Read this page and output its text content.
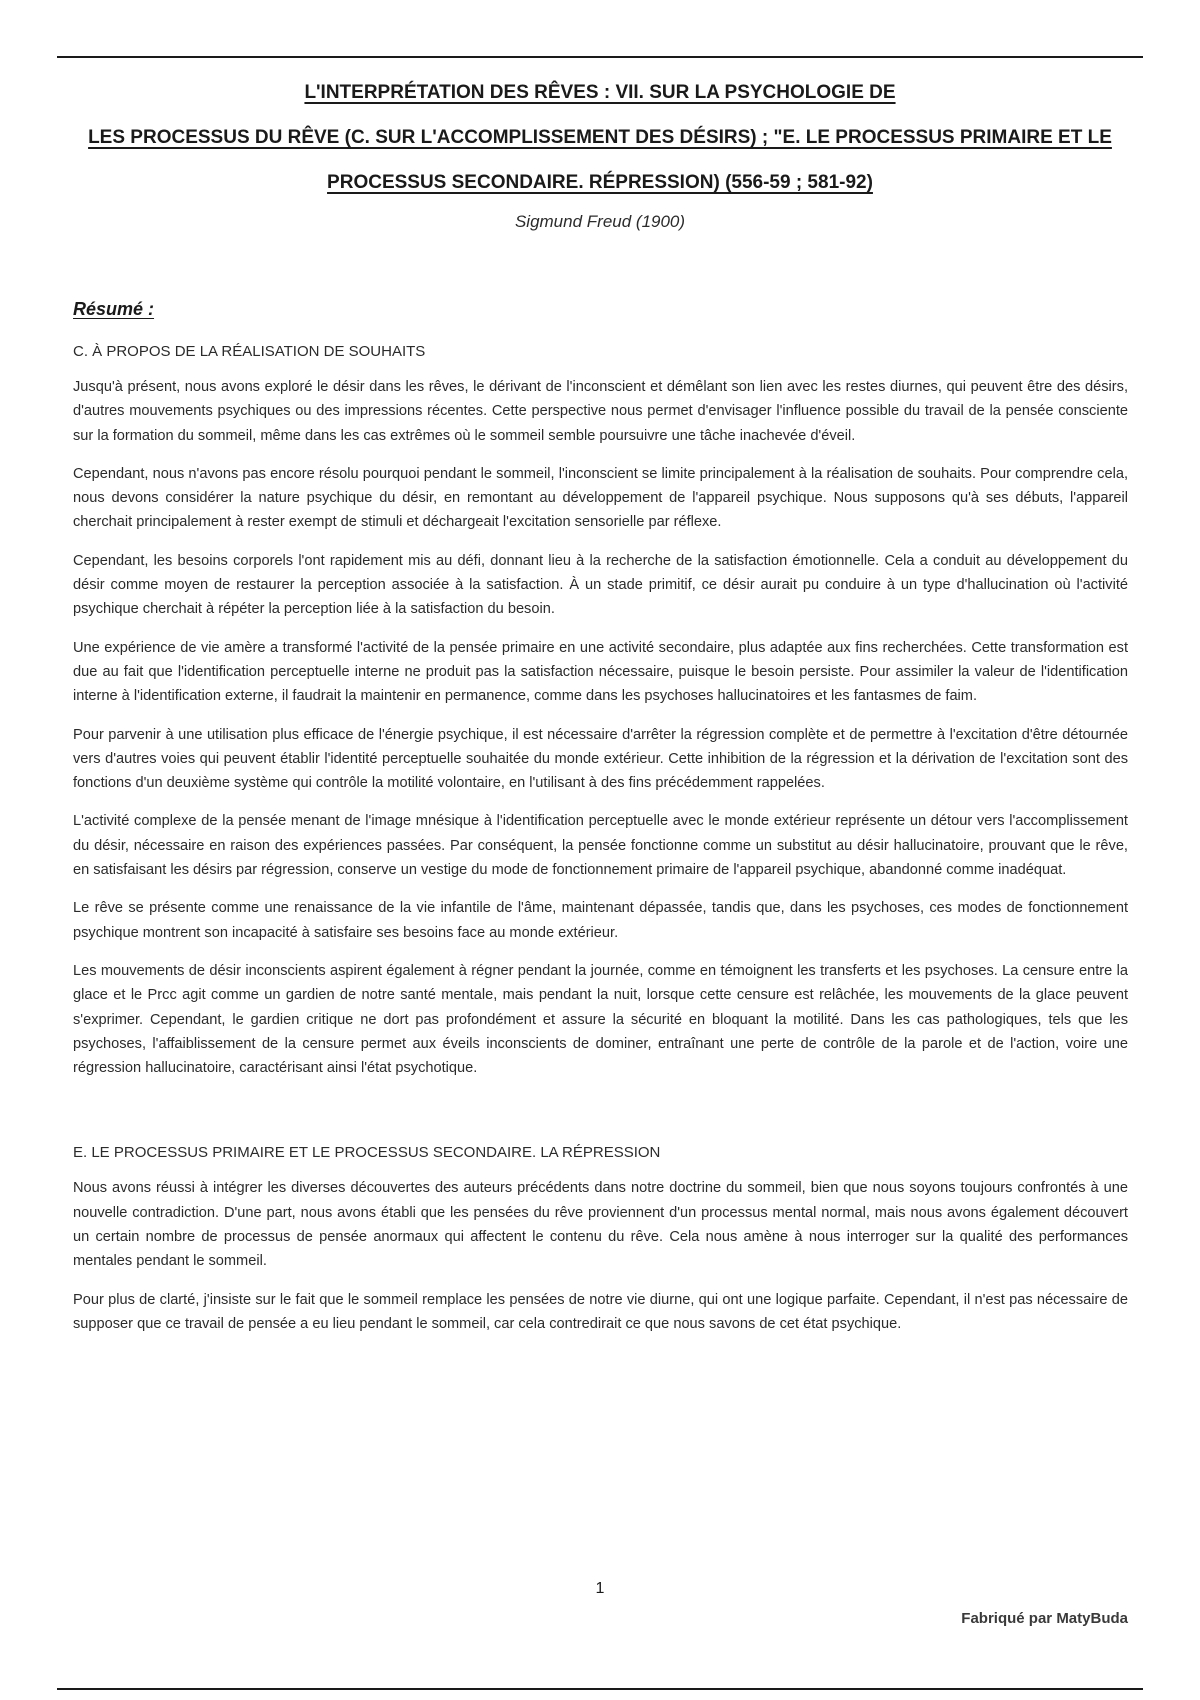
L'INTERPRÉTATION DES RÊVES : VII. SUR LA PSYCHOLOGIE DE
LES PROCESSUS DU RÊVE (C. SUR L'ACCOMPLISSEMENT DES DÉSIRS) ; "E. LE PROCESSUS PRIMAIRE ET LE
PROCESSUS SECONDAIRE. RÉPRESSION) (556-59 ; 581-92)
Sigmund Freud (1900)
Résumé :
C. À PROPOS DE LA RÉALISATION DE SOUHAITS

Jusqu'à présent, nous avons exploré le désir dans les rêves, le dérivant de l'inconscient et démêlant son lien avec les restes diurnes, qui peuvent être des désirs, d'autres mouvements psychiques ou des impressions récentes. Cette perspective nous permet d'envisager l'influence possible du travail de la pensée consciente sur la formation du sommeil, même dans les cas extrêmes où le sommeil semble poursuivre une tâche inachevée d'éveil.

Cependant, nous n'avons pas encore résolu pourquoi pendant le sommeil, l'inconscient se limite principalement à la réalisation de souhaits. Pour comprendre cela, nous devons considérer la nature psychique du désir, en remontant au développement de l'appareil psychique. Nous supposons qu'à ses débuts, l'appareil cherchait principalement à rester exempt de stimuli et déchargeait l'excitation sensorielle par réflexe.

Cependant, les besoins corporels l'ont rapidement mis au défi, donnant lieu à la recherche de la satisfaction émotionnelle. Cela a conduit au développement du désir comme moyen de restaurer la perception associée à la satisfaction. À un stade primitif, ce désir aurait pu conduire à un type d'hallucination où l'activité psychique cherchait à répéter la perception liée à la satisfaction du besoin.

Une expérience de vie amère a transformé l'activité de la pensée primaire en une activité secondaire, plus adaptée aux fins recherchées. Cette transformation est due au fait que l'identification perceptuelle interne ne produit pas la satisfaction nécessaire, puisque le besoin persiste. Pour assimiler la valeur de l'identification interne à l'identification externe, il faudrait la maintenir en permanence, comme dans les psychoses hallucinatoires et les fantasmes de faim.

Pour parvenir à une utilisation plus efficace de l'énergie psychique, il est nécessaire d'arrêter la régression complète et de permettre à l'excitation d'être détournée vers d'autres voies qui peuvent établir l'identité perceptuelle souhaitée du monde extérieur. Cette inhibition de la régression et la dérivation de l'excitation sont des fonctions d'un deuxième système qui contrôle la motilité volontaire, en l'utilisant à des fins précédemment rappelées.

L'activité complexe de la pensée menant de l'image mnésique à l'identification perceptuelle avec le monde extérieur représente un détour vers l'accomplissement du désir, nécessaire en raison des expériences passées. Par conséquent, la pensée fonctionne comme un substitut au désir hallucinatoire, prouvant que le rêve, en satisfaisant les désirs par régression, conserve un vestige du mode de fonctionnement primaire de l'appareil psychique, abandonné comme inadéquat.

Le rêve se présente comme une renaissance de la vie infantile de l'âme, maintenant dépassée, tandis que, dans les psychoses, ces modes de fonctionnement psychique montrent son incapacité à satisfaire ses besoins face au monde extérieur.

Les mouvements de désir inconscients aspirent également à régner pendant la journée, comme en témoignent les transferts et les psychoses. La censure entre la glace et le Prcc agit comme un gardien de notre santé mentale, mais pendant la nuit, lorsque cette censure est relâchée, les mouvements de la glace peuvent s'exprimer. Cependant, le gardien critique ne dort pas profondément et assure la sécurité en bloquant la motilité. Dans les cas pathologiques, tels que les psychoses, l'affaiblissement de la censure permet aux éveils inconscients de dominer, entraînant une perte de contrôle de la parole et de l'action, voire une régression hallucinatoire, caractérisant ainsi l'état psychotique.

E. LE PROCESSUS PRIMAIRE ET LE PROCESSUS SECONDAIRE. LA RÉPRESSION

Nous avons réussi à intégrer les diverses découvertes des auteurs précédents dans notre doctrine du sommeil, bien que nous soyons toujours confrontés à une nouvelle contradiction. D'une part, nous avons établi que les pensées du rêve proviennent d'un processus mental normal, mais nous avons également découvert un certain nombre de processus de pensée anormaux qui affectent le contenu du rêve. Cela nous amène à nous interroger sur la qualité des performances mentales pendant le sommeil.

Pour plus de clarté, j'insiste sur le fait que le sommeil remplace les pensées de notre vie diurne, qui ont une logique parfaite. Cependant, il n'est pas nécessaire de supposer que ce travail de pensée a eu lieu pendant le sommeil, car cela contredirait ce que nous savons de cet état psychique.

1
Fabriqué par MatyBuda
